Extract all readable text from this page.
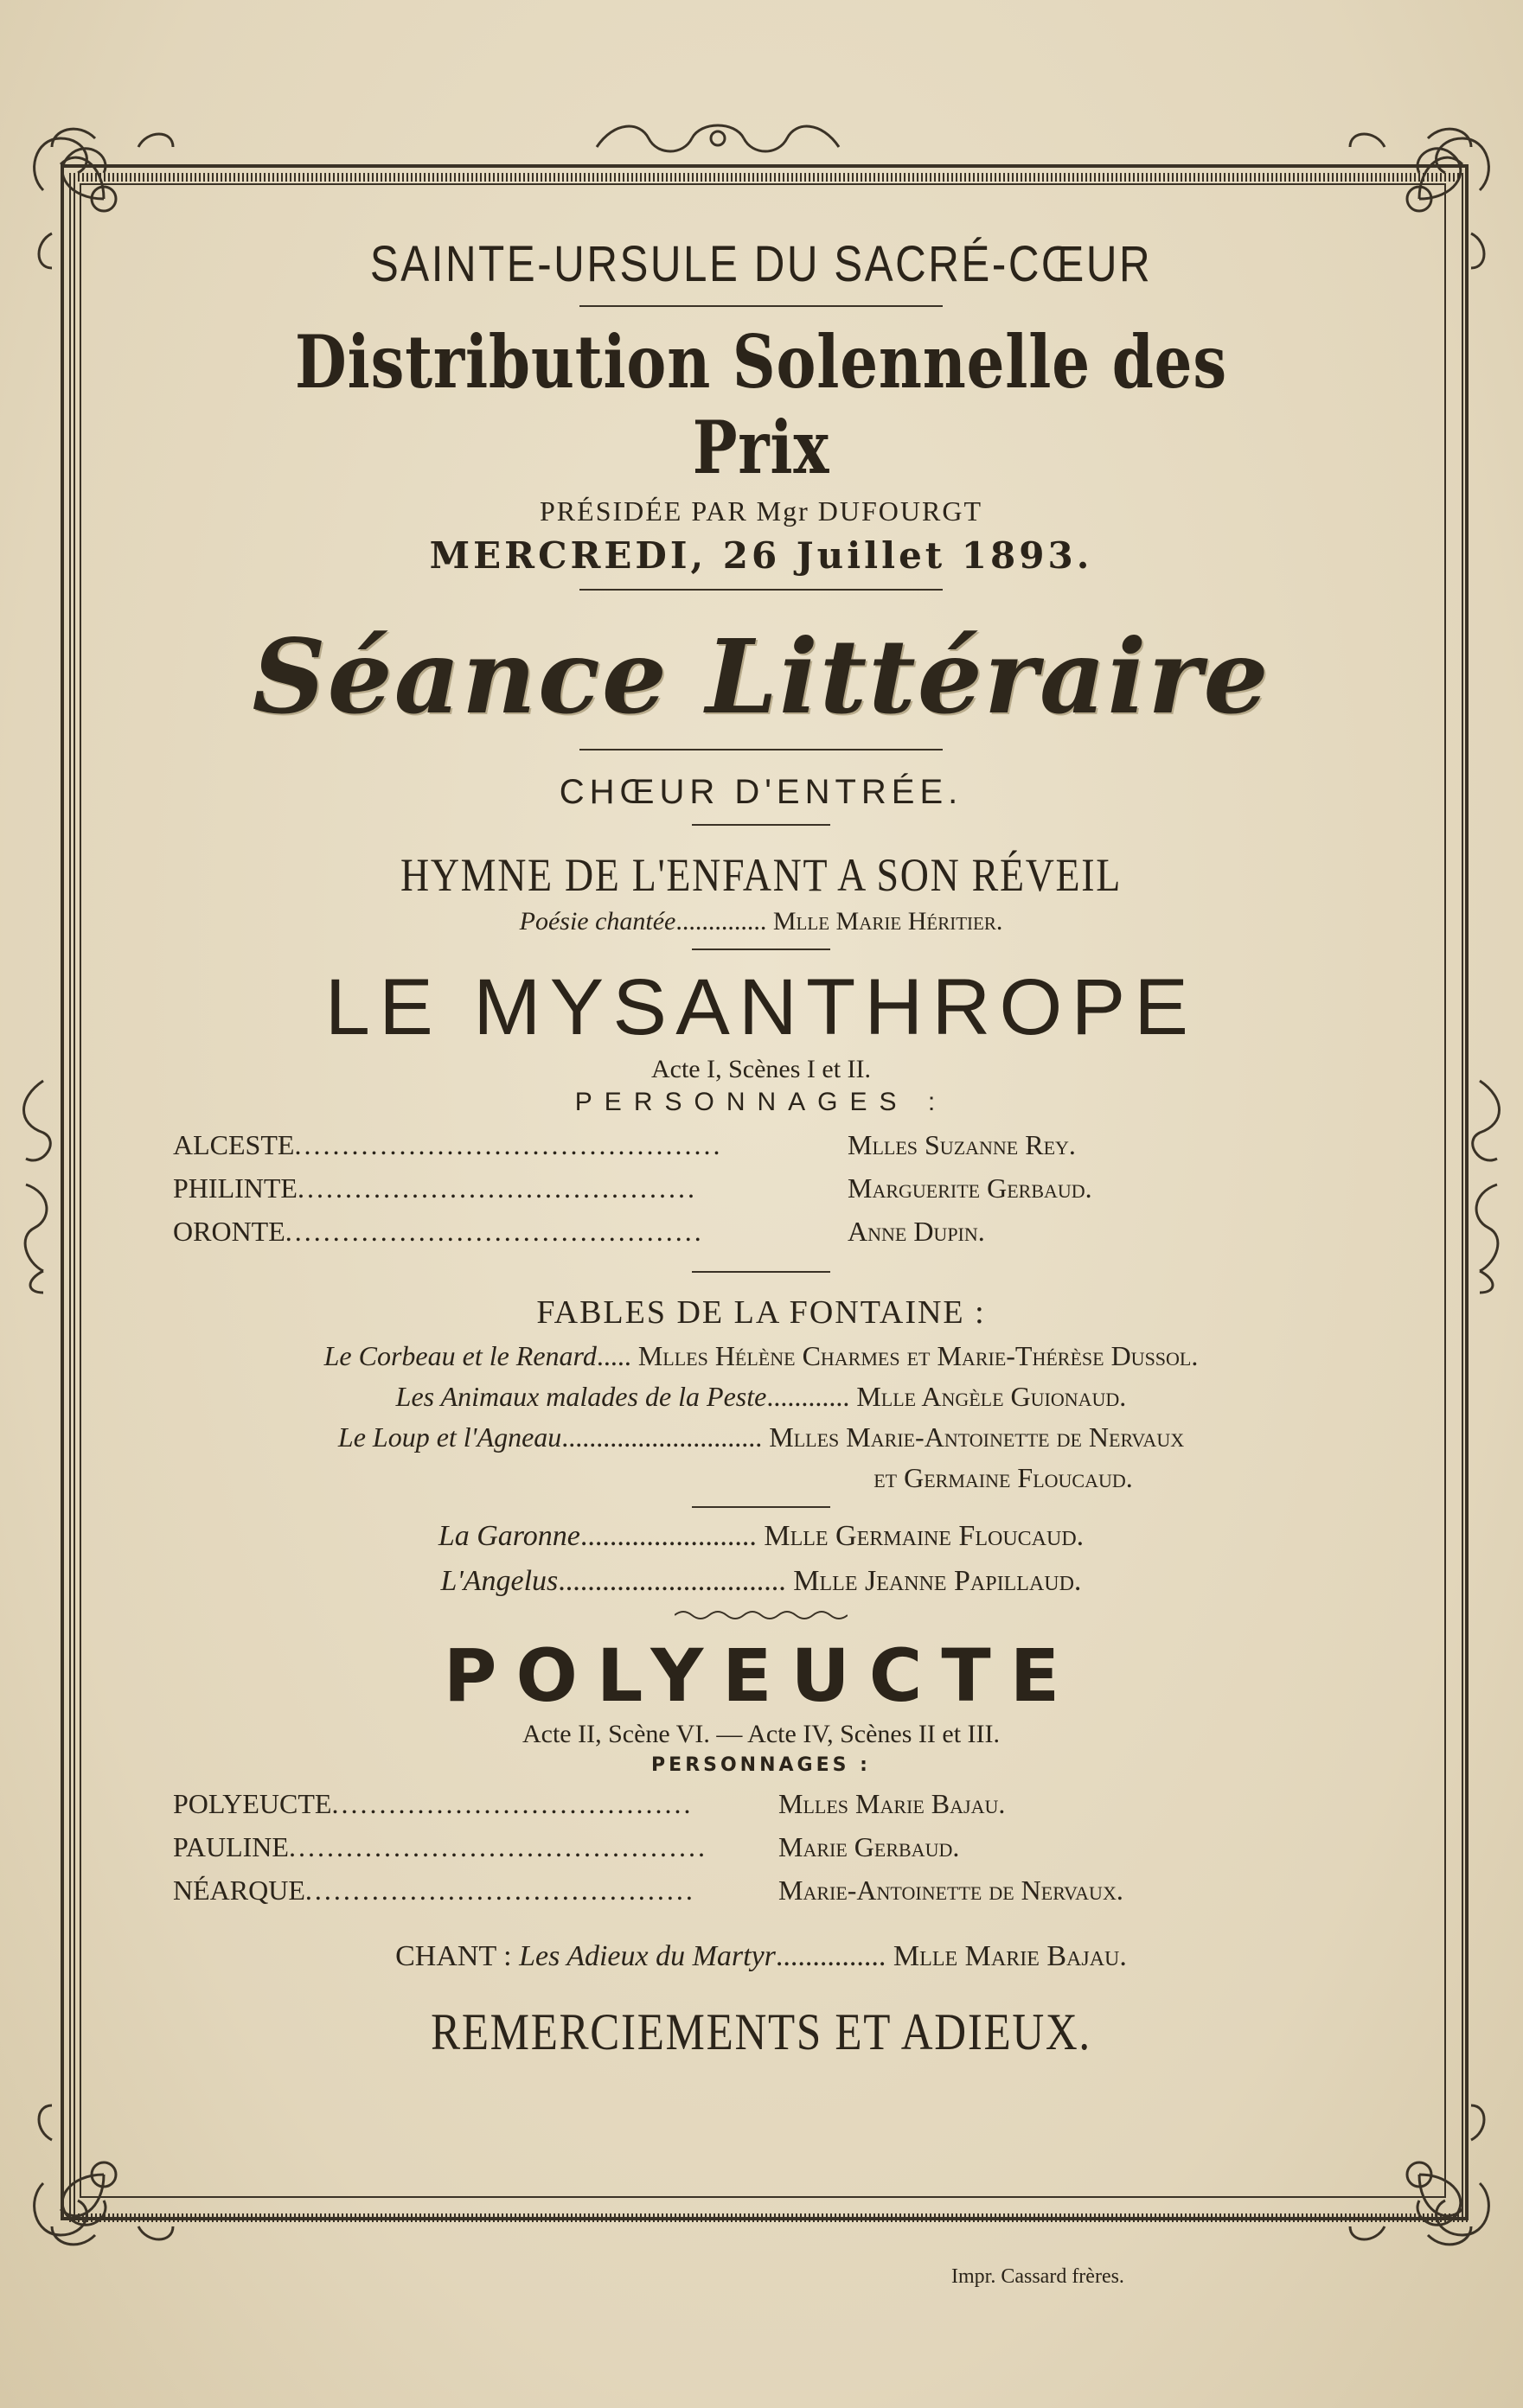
SAINTE-URSULE DU SACRÉ-CŒUR
Distribution Solennelle des Prix
PRÉSIDÉE PAR Mgr DUFOURGT
MERCREDI, 26 Juillet 1893.
Séance Littéraire
CHŒUR D'ENTRÉE.
HYMNE DE L'ENFANT A SON RÉVEIL
Poésie chantée.............. Mlle Marie Héritier.
LE MYSANTHROPE
Acte I, Scènes I et II.
PERSONNAGES :
ALCESTE.............................................	Mlles Suzanne Rey.
PHILINTE..........................................	Marguerite Gerbaud.
ORONTE............................................	Anne Dupin.
FABLES DE LA FONTAINE :
Le Corbeau et le Renard..... Mlles Hélène Charmes et Marie-Thérèse Dussol.
Les Animaux malades de la Peste............ Mlle Angèle Guionaud.
Le Loup et l'Agneau............................. Mlles Marie-Antoinette de Nervaux
et Germaine Floucaud.
La Garonne........................ Mlle Germaine Floucaud.
L'Angelus............................... Mlle Jeanne Papillaud.
POLYEUCTE
Acte II, Scène VI. — Acte IV, Scènes II et III.
PERSONNAGES :
POLYEUCTE......................................	Mlles Marie Bajau.
PAULINE............................................	Marie Gerbaud.
NÉARQUE.........................................	Marie-Antoinette de Nervaux.
CHANT : Les Adieux du Martyr............... Mlle Marie Bajau.
REMERCIEMENTS ET ADIEUX.
Impr. Cassard frères.
